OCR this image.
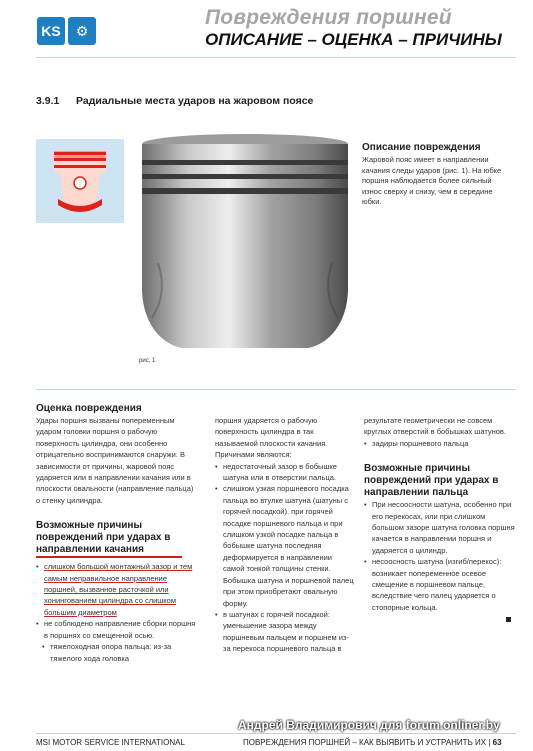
KS ⚙
Повреждения поршней
ОПИСАНИЕ – ОЦЕНКА – ПРИЧИНЫ
3.9.1 Радиальные места ударов на жаровом поясе
рис. 1
Описание повреждения
Жаровой пояс имеет в направлении качания следы ударов (рис. 1). На юбке поршня наблюдается более сильный износ сверху и снизу, чем в середине юбки.
Оценка повреждения
Удары поршня вызваны попеременным ударом головки поршня о рабочую поверхность цилиндра, они особенно отрицательно воспринимаются снаружи. В зависимости от причины, жаровой пояс ударяется или в направлении качания или в плоскости овальности (направление пальца) о стенку цилиндра.
Возможные причины повреждений при ударах в направлении качания
• слишком большой монтажный зазор и тем самым неправильное направление поршней, вызванное расточкой или хонингованием цилиндра со слишком большим диаметром
• не соблюдено направление сборки поршня в поршнях со смещенной осью.
• тяжелоходная опора пальца: из-за тяжелого хода головка
поршня ударяется о рабочую поверхность цилиндра в так называемой плоскости качания. Причинами являются:
• недостаточный зазор в бобышке шатуна или в отверстии пальца.
• слишком узкая поршневого посадка пальца во втулке шатуна (шатуны с горячей посадкой). при горячей посадке поршневого пальца и при слишком узкой посадке пальца в бобышке шатуна последняя деформируется в направлении самой тонкой толщины стенки. Бобышка шатуна и поршневой палец при этом приобретают овальную форму.
• в шатунах с горячей посадкой: уменьшение зазора между поршневым пальцем и поршнем из-за перекоса поршневого пальца в
результате геометрически не совсем круглых отверстий в бобышках шатунов.
• задиры поршневого пальца
Возможные причины повреждений при ударах в направлении пальца
• При несоосности шатуна, особенно при его перекосах, или при слишком большом зазоре шатуна головка поршня качается в направлении поршня и ударяется о цилиндр.
• несоосность шатуна (изгиб/перекос): возникает попеременное осевое смещение в поршневом пальце, вследствие чего палец ударяется о стопорные кольца.
Андрей Владимирович для forum.onliner.by
MSI MOTOR SERVICE INTERNATIONAL	ПОВРЕЖДЕНИЯ ПОРШНЕЙ – КАК ВЫЯВИТЬ И УСТРАНИТЬ ИХ | 63
